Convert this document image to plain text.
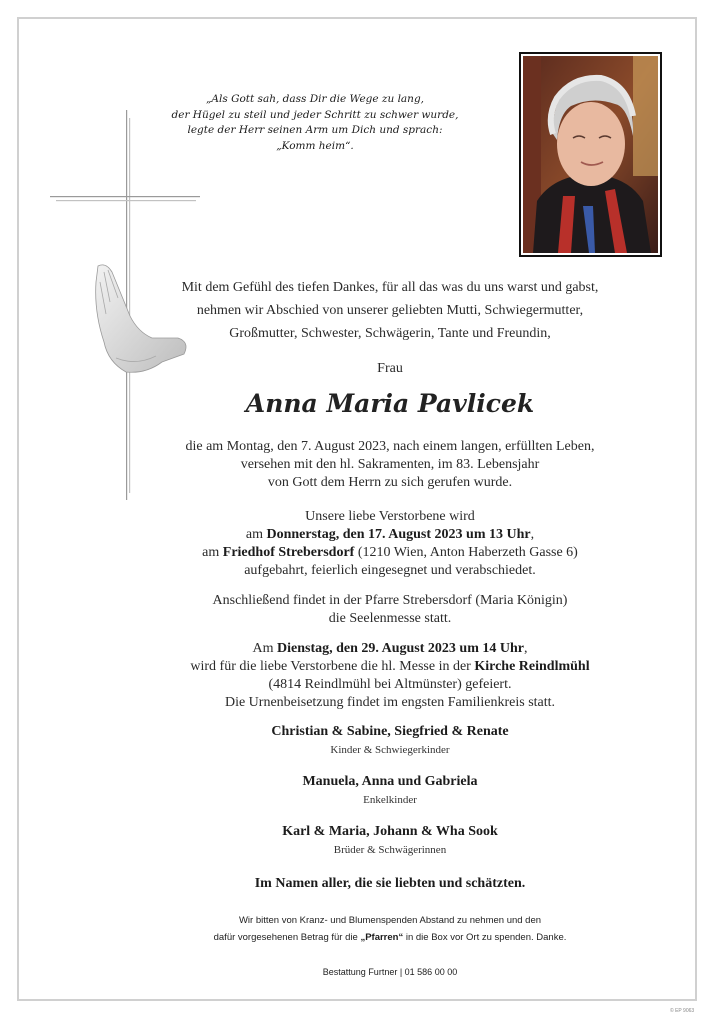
„Als Gott sah, dass Dir die Wege zu lang,
der Hügel zu steil und jeder Schritt zu schwer wurde,
legte der Herr seinen Arm um Dich und sprach:
„Komm heim“.
Mit dem Gefühl des tiefen Dankes, für all das was du uns warst und gabst,
nehmen wir Abschied von unserer geliebten Mutti, Schwiegermutter,
Großmutter, Schwester, Schwägerin, Tante und Freundin,
Frau
Anna Maria Pavlicek
die am Montag, den 7. August 2023, nach einem langen, erfüllten Leben,
versehen mit den hl. Sakramenten, im 83. Lebensjahr
von Gott dem Herrn zu sich gerufen wurde.
Unsere liebe Verstorbene wird
am Donnerstag, den 17. August 2023 um 13 Uhr,
am Friedhof Strebersdorf (1210 Wien, Anton Haberzeth Gasse 6)
aufgebahrt, feierlich eingesegnet und verabschiedet.
Anschließend findet in der Pfarre Strebersdorf (Maria Königin)
die Seelenmesse statt.
Am Dienstag, den 29. August 2023 um 14 Uhr,
wird für die liebe Verstorbene die hl. Messe in der Kirche Reindlmühl
(4814 Reindlmühl bei Altmünster) gefeiert.
Die Urnenbeisetzung findet im engsten Familienkreis statt.
Christian & Sabine, Siegfried & Renate
Kinder & Schwiegerkinder
Manuela, Anna und Gabriela
Enkelkinder
Karl & Maria, Johann & Wha Sook
Brüder & Schwägerinnen
Im Namen aller, die sie liebten und schätzten.
Wir bitten von Kranz- und Blumenspenden Abstand zu nehmen und den
dafür vorgesehenen Betrag für die „Pfarren“ in die Box vor Ort zu spenden. Danke.
Bestattung Furtner | 01 586 00 00
© EP 9063
